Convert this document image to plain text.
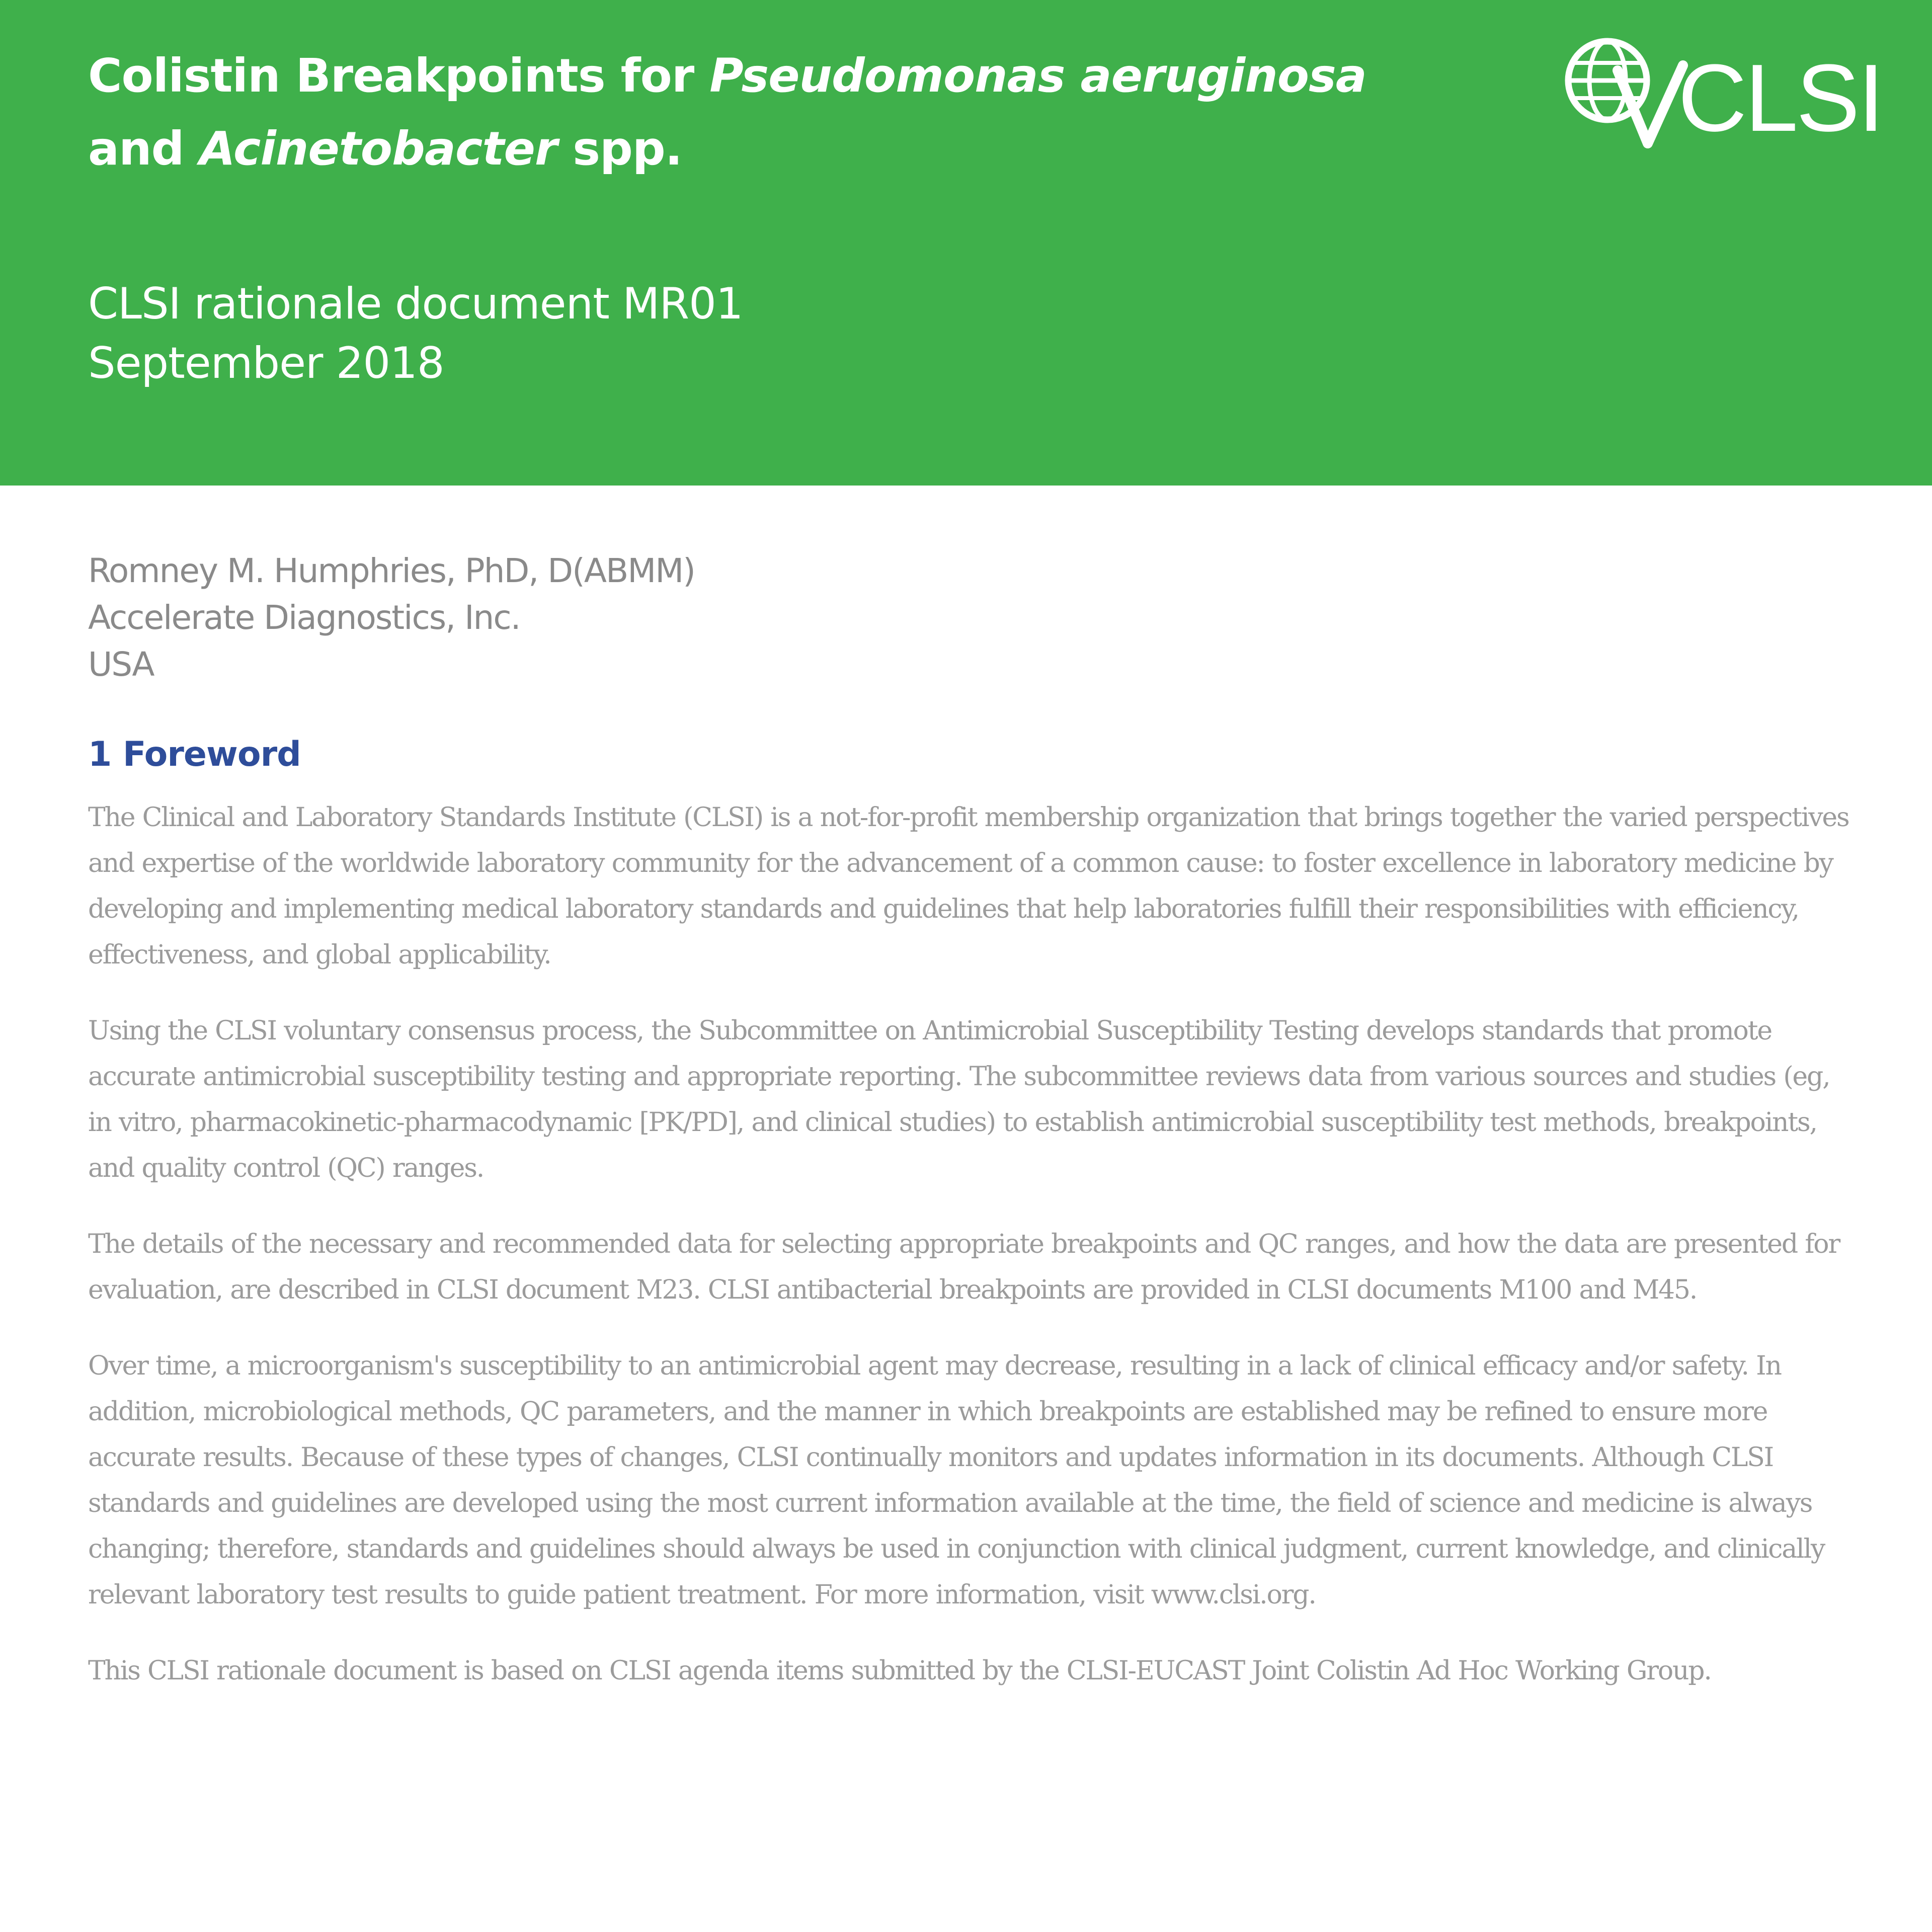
Colistin Breakpoints for Pseudomonas aeruginosa
and Acinetobacter spp.
CLSI rationale document MR01
September 2018
CLSI
Romney M. Humphries, PhD, D(ABMM)
Accelerate Diagnostics, Inc.
USA
1 Foreword

The Clinical and Laboratory Standards Institute (CLSI) is a not-for-profit membership organization that brings together the varied perspectives and expertise of the worldwide laboratory community for the advancement of a common cause: to foster excellence in laboratory medicine by developing and implementing medical laboratory standards and guidelines that help laboratories fulfill their responsibilities with efficiency, effectiveness, and global applicability.

Using the CLSI voluntary consensus process, the Subcommittee on Antimicrobial Susceptibility Testing develops standards that promote accurate antimicrobial susceptibility testing and appropriate reporting. The subcommittee reviews data from various sources and studies (eg, in vitro, pharmacokinetic-pharmacodynamic [PK/PD], and clinical studies) to establish antimicrobial susceptibility test methods, breakpoints, and quality control (QC) ranges.

The details of the necessary and recommended data for selecting appropriate breakpoints and QC ranges, and how the data are presented for evaluation, are described in CLSI document M23. CLSI antibacterial breakpoints are provided in CLSI documents M100 and M45.

Over time, a microorganism's susceptibility to an antimicrobial agent may decrease, resulting in a lack of clinical efficacy and/or safety. In addition, microbiological methods, QC parameters, and the manner in which breakpoints are established may be refined to ensure more accurate results. Because of these types of changes, CLSI continually monitors and updates information in its documents. Although CLSI standards and guidelines are developed using the most current information available at the time, the field of science and medicine is always changing; therefore, standards and guidelines should always be used in conjunction with clinical judgment, current knowledge, and clinically relevant laboratory test results to guide patient treatment. For more information, visit www.clsi.org.

This CLSI rationale document is based on CLSI agenda items submitted by the CLSI-EUCAST Joint Colistin Ad Hoc Working Group.
